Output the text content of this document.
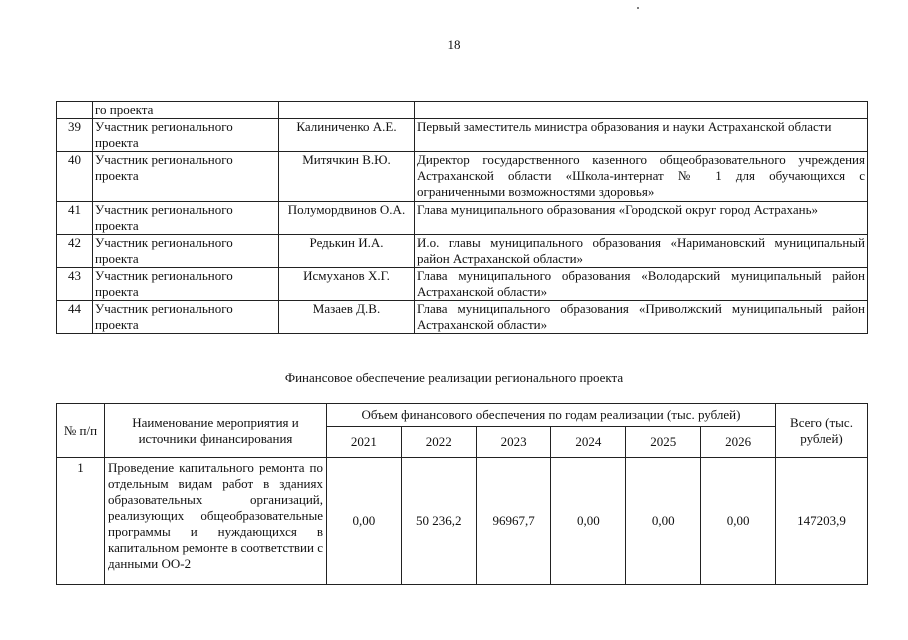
18
	го проекта		
39	Участник регионального проекта	Калиниченко А.Е.	Первый заместитель министра образования и науки Астраханской области
40	Участник регионального проекта	Митячкин В.Ю.	Директор государственного казенного общеобразовательного учреждения Астраханской области «Школа-интернат № 1 для обучающихся с ограниченными возможностями здоровья»
41	Участник регионального проекта	Полумордвинов О.А.	Глава муниципального образования «Городской округ город Астрахань»
42	Участник регионального проекта	Редькин И.А.	И.о. главы муниципального образования «Наримановский муниципальный район Астраханской области»
43	Участник регионального проекта	Исмуханов Х.Г.	Глава муниципального образования «Володарский муниципальный район Астраханской области»
44	Участник регионального проекта	Мазаев Д.В.	Глава муниципального образования «Приволжский муниципальный район Астраханской области»
Финансовое обеспечение реализации регионального проекта
№ п/п	Наименование мероприятия и источники финансирования	Объем финансового обеспечения по годам реализации (тыс. рублей)						Всего (тыс. рублей)
		2021	2022	2023	2024	2025	2026	
1	Проведение капитального ремонта по отдельным видам работ в зданиях образовательных организаций, реализующих общеобразовательные программы и нуждающихся в капитальном ремонте в соответствии с данными ОО-2	0,00	50 236,2	96967,7	0,00	0,00	0,00	147203,9
